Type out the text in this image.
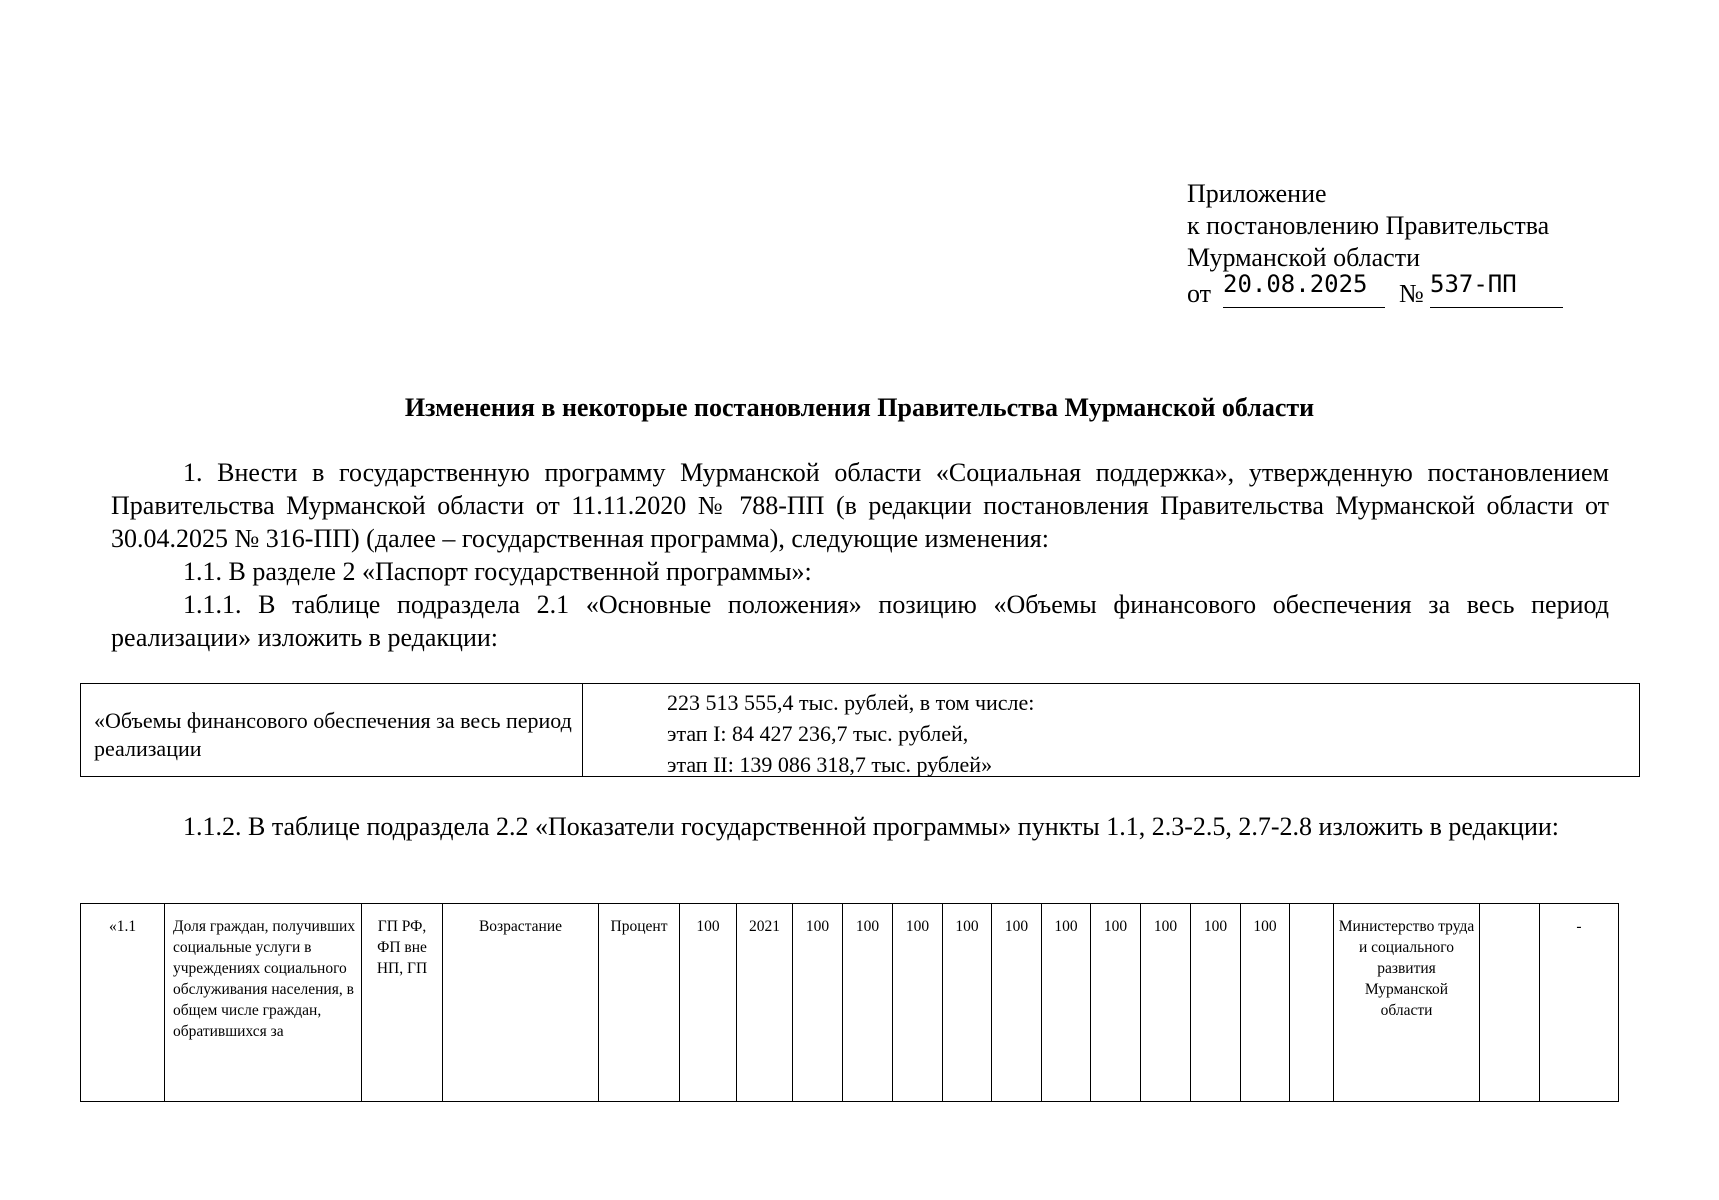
Приложение
к постановлению Правительства
Мурманской области
от 20.08.2025 № 537-ПП
Изменения в некоторые постановления Правительства Мурманской области
1. Внести в государственную программу Мурманской области «Социальная поддержка», утвержденную постановлением Правительства Мурманской области от 11.11.2020 № 788-ПП (в редакции постановления Правительства Мурманской области от 30.04.2025 № 316-ПП) (далее – государственная программа), следующие изменения:
1.1. В разделе 2 «Паспорт государственной программы»:
1.1.1. В таблице подраздела 2.1 «Основные положения» позицию «Объемы финансового обеспечения за весь период реализации» изложить в редакции:
«Объемы финансового обеспечения за весь период реализации
223 513 555,4 тыс. рублей, в том числе:
этап I: 84 427 236,7 тыс. рублей,
этап II: 139 086 318,7 тыс. рублей»
1.1.2. В таблице подраздела 2.2 «Показатели государственной программы» пункты 1.1, 2.3-2.5, 2.7-2.8 изложить в редакции:
«1.1	Доля граждан, получивших социальные услуги в учреждениях социального обслуживания населения, в общем числе граждан, обратившихся за	ГП РФ, ФП вне НП, ГП	Возрастание	Процент	100	2021	100	100	100	100	100	100	100	100	100	100		Министерство труда и социального развития Мурманской области		-
